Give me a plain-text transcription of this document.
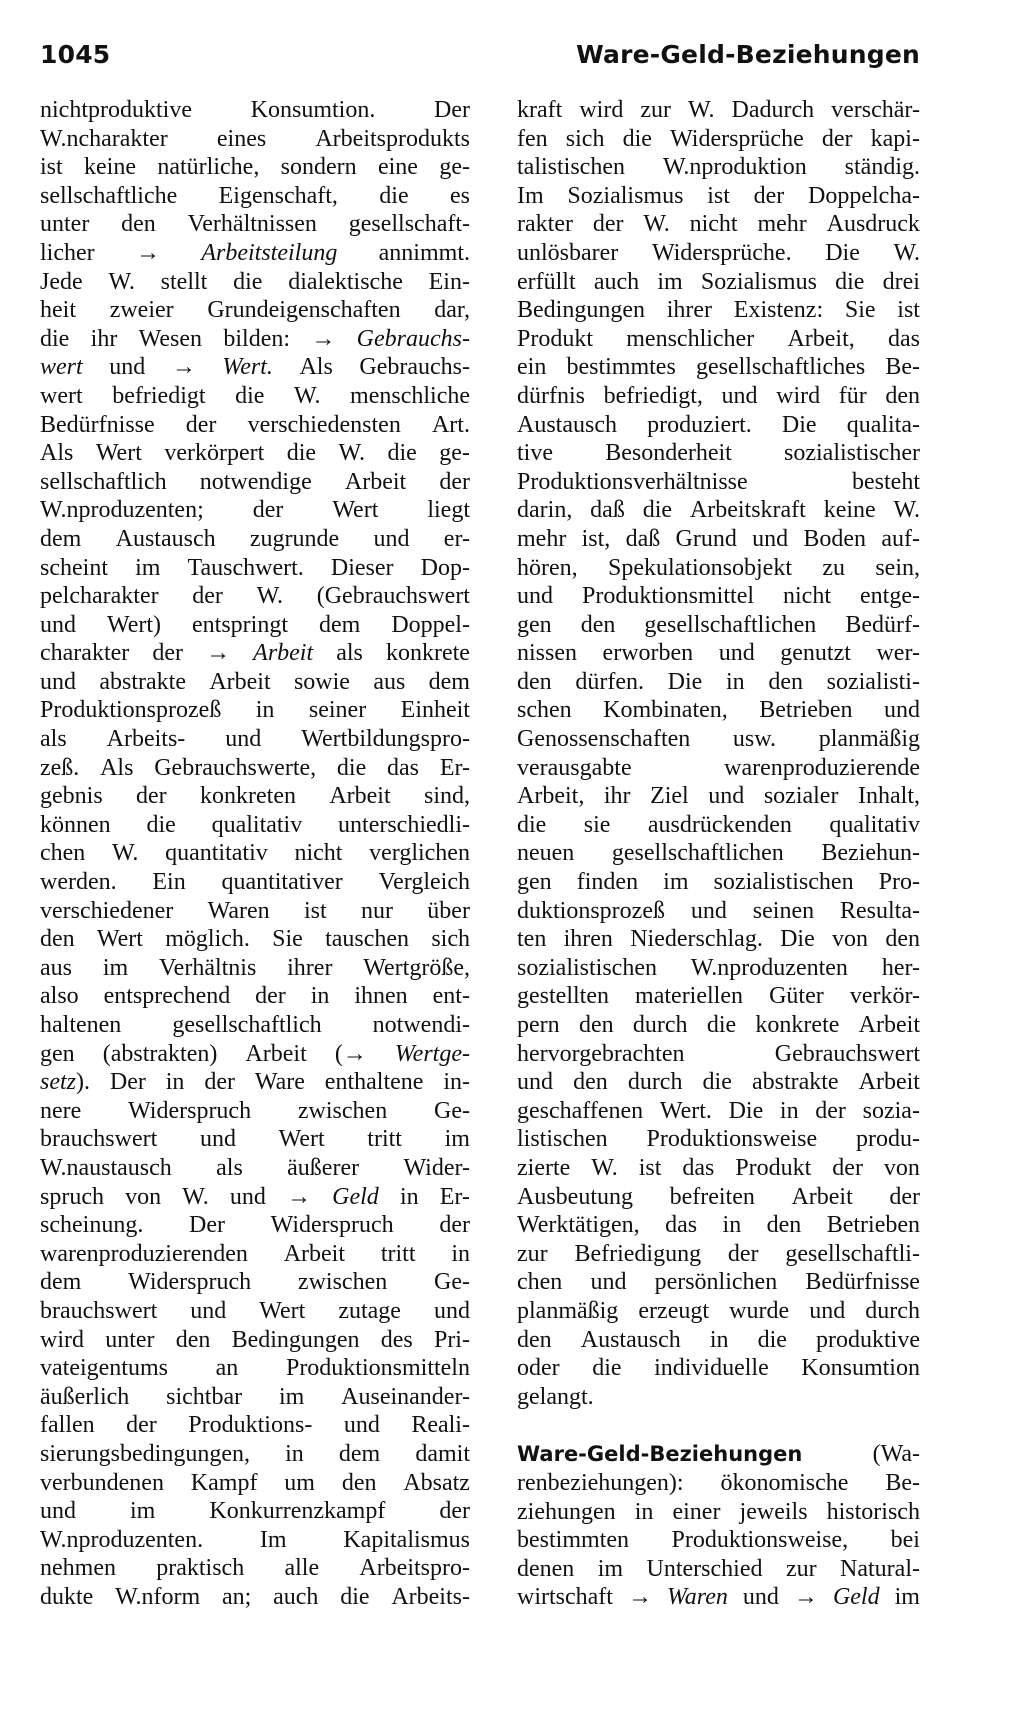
1045	Ware-Geld-Beziehungen
nichtproduktive Konsumtion. Der
W.ncharakter eines Arbeitsprodukts
ist keine natürliche, sondern eine ge-
sellschaftliche Eigenschaft, die es
unter den Verhältnissen gesellschaft-
licher → Arbeitsteilung annimmt.
Jede W. stellt die dialektische Ein-
heit zweier Grundeigenschaften dar,
die ihr Wesen bilden: → Gebrauchs-
wert und → Wert. Als Gebrauchs-
wert befriedigt die W. menschliche
Bedürfnisse der verschiedensten Art.
Als Wert verkörpert die W. die ge-
sellschaftlich notwendige Arbeit der
W.nproduzenten; der Wert liegt
dem Austausch zugrunde und er-
scheint im Tauschwert. Dieser Dop-
pelcharakter der W. (Gebrauchswert
und Wert) entspringt dem Doppel-
charakter der → Arbeit als konkrete
und abstrakte Arbeit sowie aus dem
Produktionsprozeß in seiner Einheit
als Arbeits- und Wertbildungspro-
zeß. Als Gebrauchswerte, die das Er-
gebnis der konkreten Arbeit sind,
können die qualitativ unterschiedli-
chen W. quantitativ nicht verglichen
werden. Ein quantitativer Vergleich
verschiedener Waren ist nur über
den Wert möglich. Sie tauschen sich
aus im Verhältnis ihrer Wertgröße,
also entsprechend der in ihnen ent-
haltenen gesellschaftlich notwendi-
gen (abstrakten) Arbeit (→ Wertge-
setz). Der in der Ware enthaltene in-
nere Widerspruch zwischen Ge-
brauchswert und Wert tritt im
W.naustausch als äußerer Wider-
spruch von W. und → Geld in Er-
scheinung. Der Widerspruch der
warenproduzierenden Arbeit tritt in
dem Widerspruch zwischen Ge-
brauchswert und Wert zutage und
wird unter den Bedingungen des Pri-
vateigentums an Produktionsmitteln
äußerlich sichtbar im Auseinander-
fallen der Produktions- und Reali-
sierungsbedingungen, in dem damit
verbundenen Kampf um den Absatz
und im Konkurrenzkampf der
W.nproduzenten. Im Kapitalismus
nehmen praktisch alle Arbeitspro-
dukte W.nform an; auch die Arbeits-
kraft wird zur W. Dadurch verschär-
fen sich die Widersprüche der kapi-
talistischen W.nproduktion ständig.
Im Sozialismus ist der Doppelcha-
rakter der W. nicht mehr Ausdruck
unlösbarer Widersprüche. Die W.
erfüllt auch im Sozialismus die drei
Bedingungen ihrer Existenz: Sie ist
Produkt menschlicher Arbeit, das
ein bestimmtes gesellschaftliches Be-
dürfnis befriedigt, und wird für den
Austausch produziert. Die qualita-
tive Besonderheit sozialistischer
Produktionsverhältnisse	besteht
darin, daß die Arbeitskraft keine W.
mehr ist, daß Grund und Boden auf-
hören, Spekulationsobjekt zu sein,
und Produktionsmittel nicht entge-
gen den gesellschaftlichen Bedürf-
nissen erworben und genutzt wer-
den dürfen. Die in den sozialisti-
schen Kombinaten, Betrieben und
Genossenschaften usw. planmäßig
verausgabte	warenproduzierende
Arbeit, ihr Ziel und sozialer Inhalt,
die sie ausdrückenden qualitativ
neuen gesellschaftlichen Beziehun-
gen finden im sozialistischen Pro-
duktionsprozeß und seinen Resulta-
ten ihren Niederschlag. Die von den
sozialistischen W.nproduzenten her-
gestellten materiellen Güter verkör-
pern den durch die konkrete Arbeit
hervorgebrachten	Gebrauchswert
und den durch die abstrakte Arbeit
geschaffenen Wert. Die in der sozia-
listischen Produktionsweise produ-
zierte W. ist das Produkt der von
Ausbeutung befreiten Arbeit der
Werktätigen, das in den Betrieben
zur Befriedigung der gesellschaftli-
chen und persönlichen Bedürfnisse
planmäßig erzeugt wurde und durch
den Austausch in die produktive
oder die individuelle Konsumtion
gelangt.
Ware-Geld-Beziehungen	(Wa-
renbeziehungen): ökonomische Be-
ziehungen in einer jeweils historisch
bestimmten Produktionsweise, bei
denen im Unterschied zur Natural-
wirtschaft → Waren und → Geld im
